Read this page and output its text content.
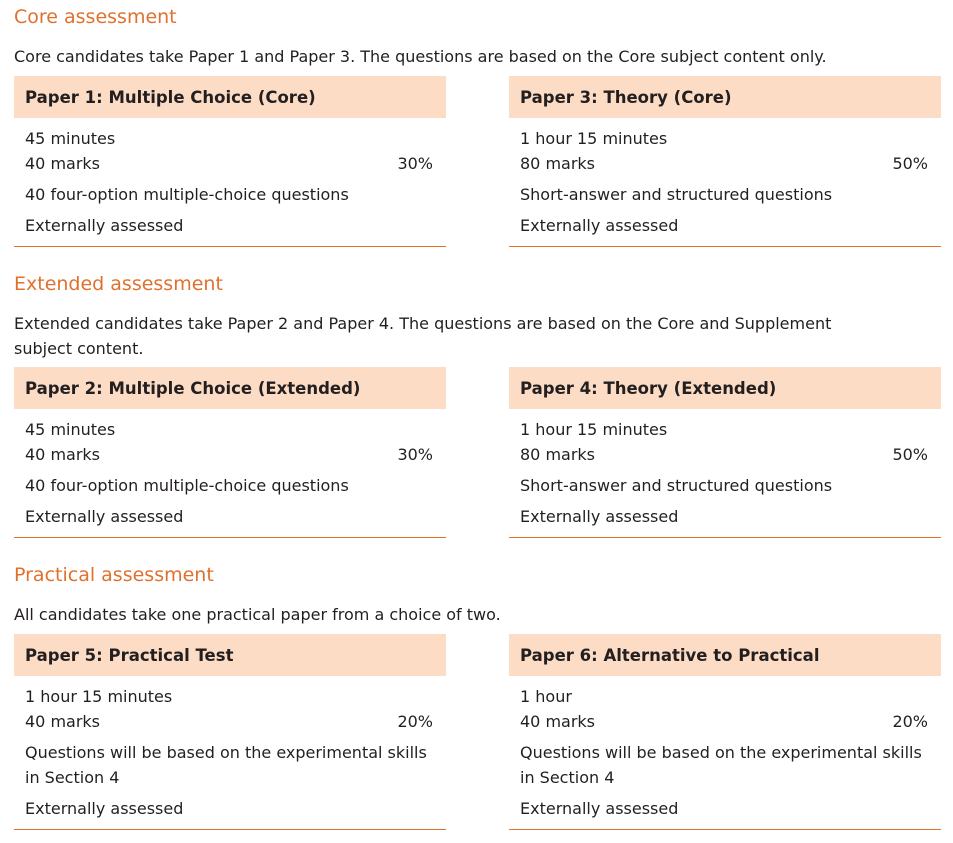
Core assessment

Core candidates take Paper 1 and Paper 3. The questions are based on the Core subject content only.

Paper 1: Multiple Choice (Core)
45 minutes
40 marks	30%
40 four-option multiple-choice questions
Externally assessed
Paper 3: Theory (Core)
1 hour 15 minutes
80 marks	50%
Short-answer and structured questions
Externally assessed
Extended assessment

Extended candidates take Paper 2 and Paper 4. The questions are based on the Core and Supplement subject content.

Paper 2: Multiple Choice (Extended)
45 minutes
40 marks	30%
40 four-option multiple-choice questions
Externally assessed
Paper 4: Theory (Extended)
1 hour 15 minutes
80 marks	50%
Short-answer and structured questions
Externally assessed
Practical assessment

All candidates take one practical paper from a choice of two.

Paper 5: Practical Test
1 hour 15 minutes
40 marks	20%
Questions will be based on the experimental skills in Section 4
Externally assessed
Paper 6: Alternative to Practical
1 hour
40 marks	20%
Questions will be based on the experimental skills in Section 4
Externally assessed
